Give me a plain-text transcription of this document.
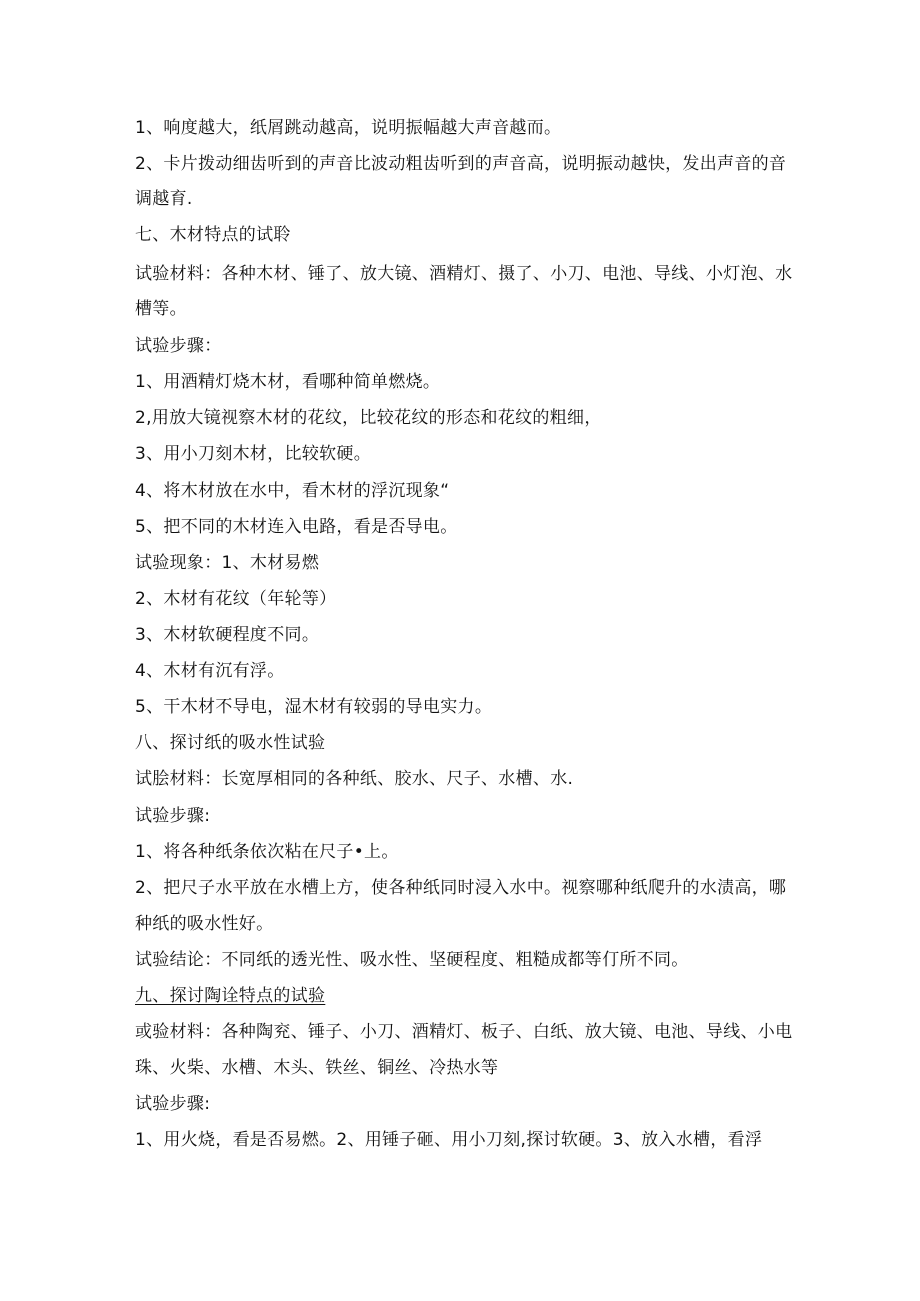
1、响度越大，纸屑跳动越高，说明振幅越大声音越而。
2、卡片拨动细齿听到的声音比波动粗齿听到的声音高，说明振动越快，发出声音的音
调越育.
七、木材特点的试聆
试验材料：各种木材、锤了、放大镜、酒精灯、摄了、小刀、电池、导线、小灯泡、水
槽等。
试验步骤：
1、用酒精灯烧木材，看哪种简单燃烧。
2,用放大镜视察木材的花纹，比较花纹的形态和花纹的粗细，
3、用小刀刻木材，比较软硬。
4、将木材放在水中，看木材的浮沉现象“
5、把不同的木材连入电路，看是否导电。
试验现象：1、木材易燃
2、木材有花纹（年轮等）
3、木材软硬程度不同。
4、木材有沉有浮。
5、干木材不导电，湿木材有较弱的导电实力。
八、探讨纸的吸水性试验
试脍材料：长宽厚相同的各种纸、胶水、尺子、水槽、水.
试验步骤:
1、将各种纸条依次粘在尺子•上。
2、把尺子水平放在水槽上方，使各种纸同时浸入水中。视察哪种纸爬升的水渍高，哪
种纸的吸水性好。
试验结论：不同纸的透光性、吸水性、坚硬程度、粗糙成都等仃所不同。
九、探讨陶诠特点的试验
或验材料：各种陶兖、锤子、小刀、酒精灯、板子、白纸、放大镜、电池、导线、小电
珠、火柴、水槽、木头、铁丝、铜丝、冷热水等
试验步骤:
1、用火烧，看是否易燃。2、用锤子砸、用小刀刻,探讨软硬。3、放入水槽，看浮
